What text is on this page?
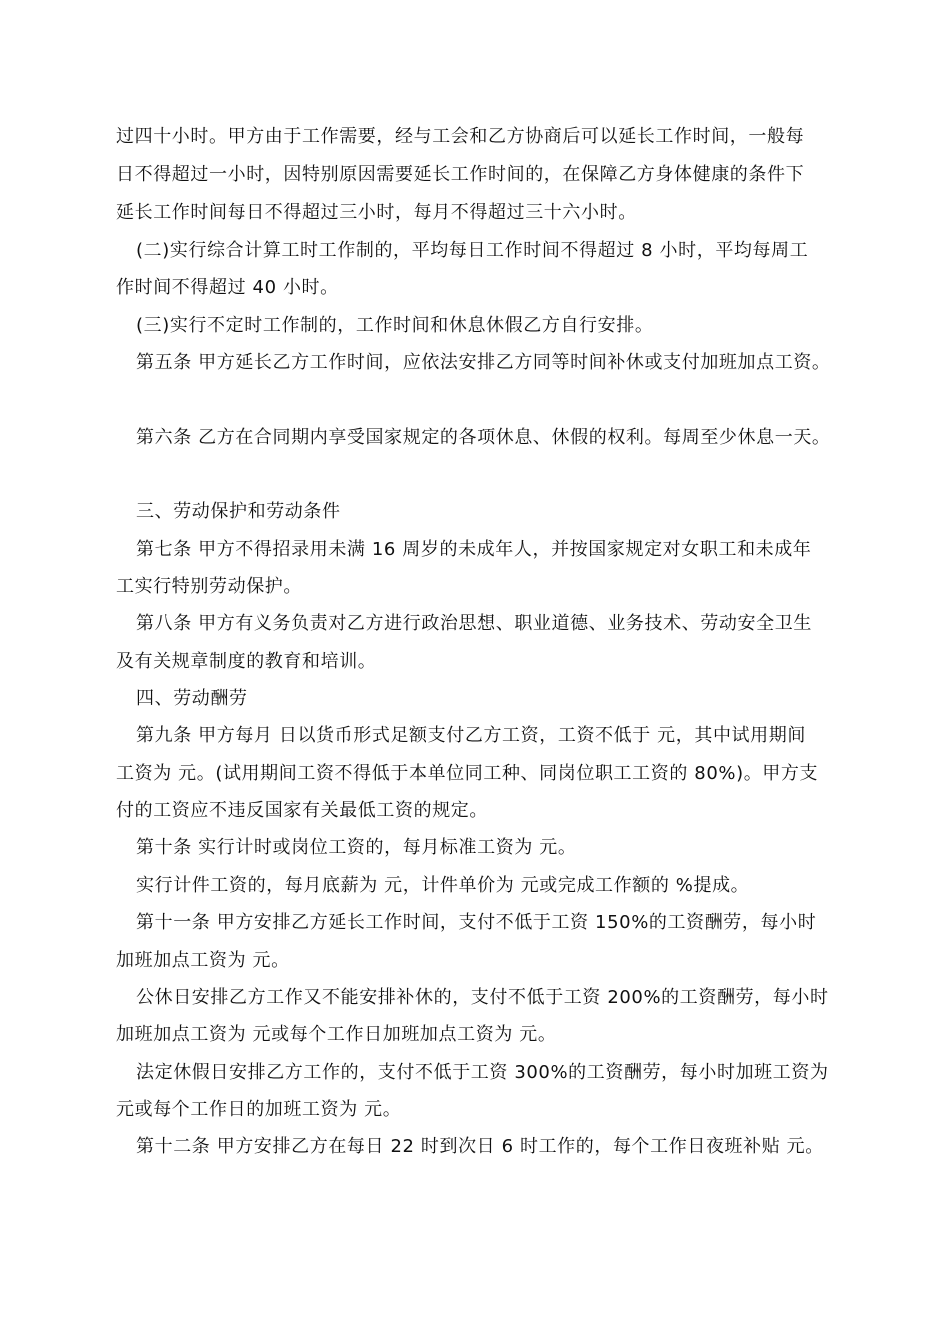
过四十小时。甲方由于工作需要，经与工会和乙方协商后可以延长工作时间，一般每
日不得超过一小时，因特别原因需要延长工作时间的，在保障乙方身体健康的条件下
延长工作时间每日不得超过三小时，每月不得超过三十六小时。
(二)实行综合计算工时工作制的，平均每日工作时间不得超过 8 小时，平均每周工
作时间不得超过 40 小时。
(三)实行不定时工作制的，工作时间和休息休假乙方自行安排。
第五条 甲方延长乙方工作时间，应依法安排乙方同等时间补休或支付加班加点工资。
第六条 乙方在合同期内享受国家规定的各项休息、休假的权利。每周至少休息一天。
三、劳动保护和劳动条件
第七条 甲方不得招录用未满 16 周岁的未成年人，并按国家规定对女职工和未成年
工实行特别劳动保护。
第八条 甲方有义务负责对乙方进行政治思想、职业道德、业务技术、劳动安全卫生
及有关规章制度的教育和培训。
四、劳动酬劳
第九条 甲方每月 日以货币形式足额支付乙方工资，工资不低于 元，其中试用期间
工资为 元。(试用期间工资不得低于本单位同工种、同岗位职工工资的 80%)。甲方支
付的工资应不违反国家有关最低工资的规定。
第十条 实行计时或岗位工资的，每月标准工资为 元。
实行计件工资的，每月底薪为 元，计件单价为 元或完成工作额的 %提成。
第十一条 甲方安排乙方延长工作时间，支付不低于工资 150%的工资酬劳，每小时
加班加点工资为 元。
公休日安排乙方工作又不能安排补休的，支付不低于工资 200%的工资酬劳，每小时
加班加点工资为 元或每个工作日加班加点工资为 元。
法定休假日安排乙方工作的，支付不低于工资 300%的工资酬劳，每小时加班工资为
元或每个工作日的加班工资为 元。
第十二条 甲方安排乙方在每日 22 时到次日 6 时工作的，每个工作日夜班补贴 元。
